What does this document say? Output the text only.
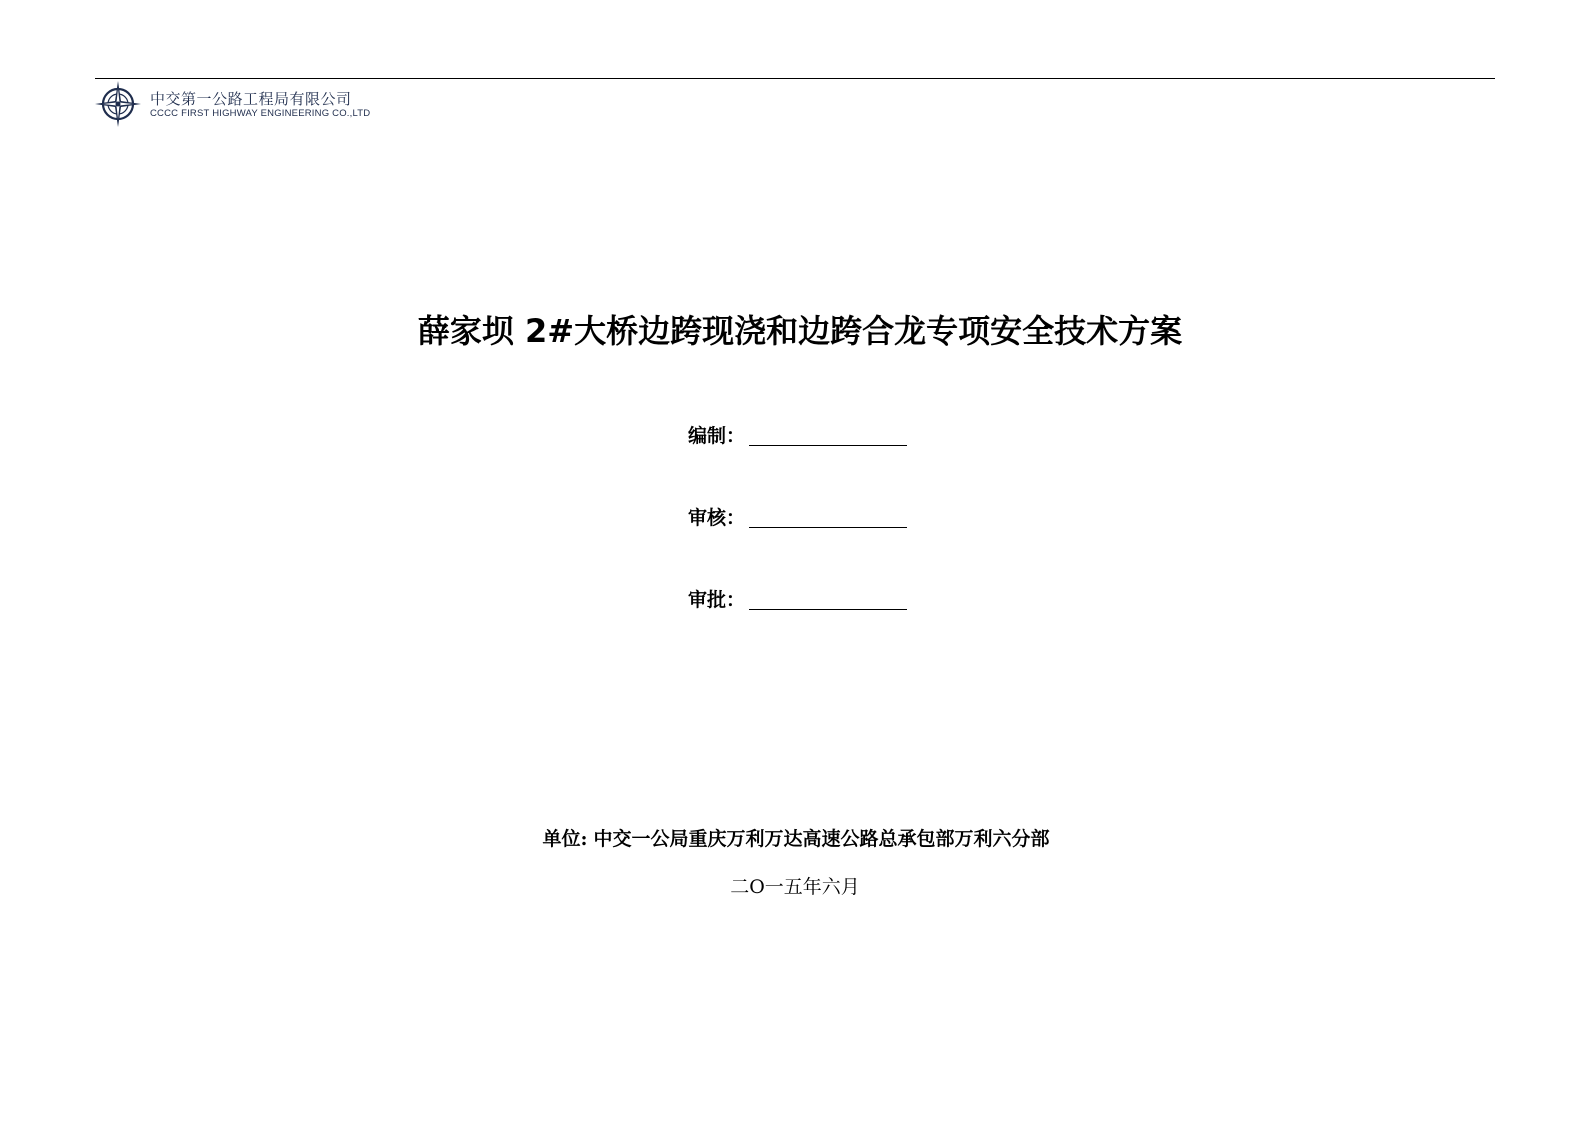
中交第一公路工程局有限公司
CCCC FIRST HIGHWAY ENGINEERING CO.,LTD
薛家坝 2#大桥边跨现浇和边跨合龙专项安全技术方案
编制：
审核：
审批：
单位: 中交一公局重庆万利万达高速公路总承包部万利六分部
二O一五年六月
